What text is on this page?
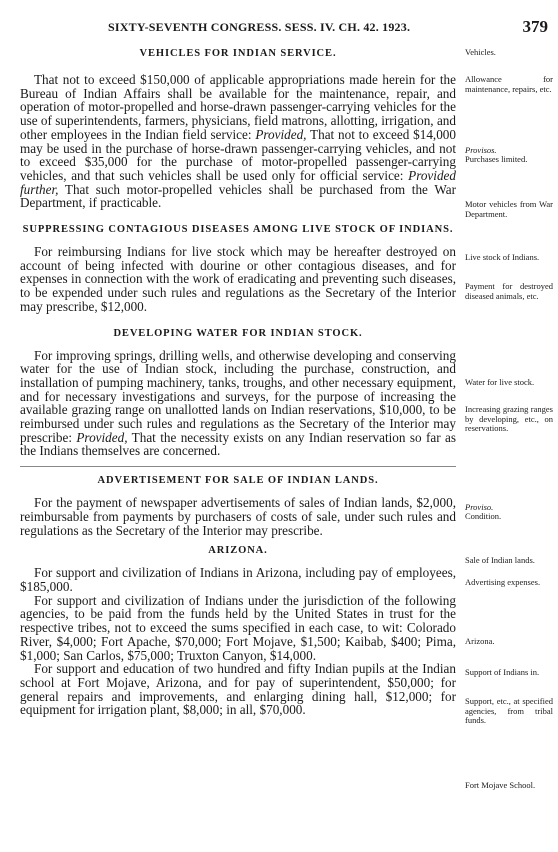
SIXTY-SEVENTH CONGRESS. SESS. IV. CH. 42. 1923.	379

VEHICLES FOR INDIAN SERVICE.

That not to exceed $150,000 of applicable appropriations made herein for the Bureau of Indian Affairs shall be available for the maintenance, repair, and operation of motor-propelled and horse-drawn passenger-carrying vehicles for the use of superintendents, farmers, physicians, field matrons, allotting, irrigation, and other employees in the Indian field service: Provided, That not to exceed $14,000 may be used in the purchase of horse-drawn passenger-carrying vehicles, and not to exceed $35,000 for the purchase of motor-propelled passenger-carrying vehicles, and that such vehicles shall be used only for official service: Provided further, That such motor-propelled vehicles shall be purchased from the War Department, if practicable.

SUPPRESSING CONTAGIOUS DISEASES AMONG LIVE STOCK OF INDIANS.

For reimbursing Indians for live stock which may be hereafter destroyed on account of being infected with dourine or other contagious diseases, and for expenses in connection with the work of eradicating and preventing such diseases, to be expended under such rules and regulations as the Secretary of the Interior may prescribe, $12,000.

DEVELOPING WATER FOR INDIAN STOCK.

For improving springs, drilling wells, and otherwise developing and conserving water for the use of Indian stock, including the purchase, construction, and installation of pumping machinery, tanks, troughs, and other necessary equipment, and for necessary investigations and surveys, for the purpose of increasing the available grazing range on unallotted lands on Indian reservations, $10,000, to be reimbursed under such rules and regulations as the Secretary of the Interior may prescribe: Provided, That the necessity exists on any Indian reservation so far as the Indians themselves are concerned.

ADVERTISEMENT FOR SALE OF INDIAN LANDS.

For the payment of newspaper advertisements of sales of Indian lands, $2,000, reimbursable from payments by purchasers of costs of sale, under such rules and regulations as the Secretary of the Interior may prescribe.

ARIZONA.

For support and civilization of Indians in Arizona, including pay of employees, $185,000.

For support and civilization of Indians under the jurisdiction of the following agencies, to be paid from the funds held by the United States in trust for the respective tribes, not to exceed the sums specified in each case, to wit: Colorado River, $4,000; Fort Apache, $70,000; Fort Mojave, $1,500; Kaibab, $400; Pima, $1,000; San Carlos, $75,000; Truxton Canyon, $14,000.

For support and education of two hundred and fifty Indian pupils at the Indian school at Fort Mojave, Arizona, and for pay of superintendent, $50,000; for general repairs and improvements, and enlarging dining hall, $12,000; for equipment for irrigation plant, $8,000; in all, $70,000.

Vehicles.
Allowance for maintenance, repairs, etc.
Provisos.
Purchases limited.
Motor vehicles from War Department.
Live stock of Indians.
Payment for destroyed diseased animals, etc.
Water for live stock.
Increasing grazing ranges by developing, etc., on reservations.
Proviso.
Condition.
Sale of Indian lands.
Advertising expenses.
Arizona.
Support of Indians in.
Support, etc., at specified agencies, from tribal funds.
Fort Mojave School.
